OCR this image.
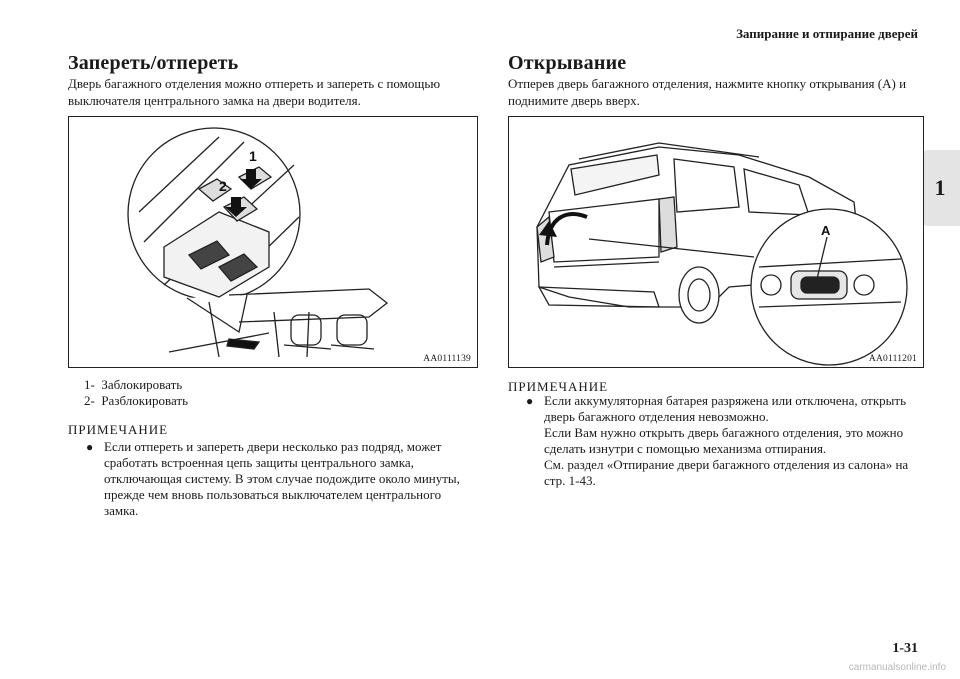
Запирание и отпирание дверей
1
Запереть/отпереть

Дверь багажного отделения можно отпереть и запереть с помощью выключателя центрального замка на двери водителя.

1
2
AA0111139
1-  Заблокировать
2-  Разблокировать
ПРИМЕЧАНИЕ
● Если отпереть и запереть двери несколько раз подряд, может сработать встроенная цепь защиты центрального замка, отключающая систему. В этом случае подождите около минуты, прежде чем вновь пользоваться выключателем центрального замка.

Открывание

Отперев дверь багажного отделения, нажмите кнопку открывания (A) и поднимите дверь вверх.

A
AA0111201
ПРИМЕЧАНИЕ
● Если аккумуляторная батарея разряжена или отключена, открыть дверь багажного отделения невозможно.

Если Вам нужно открыть дверь багажного отделения, это можно сделать изнутри с помощью механизма отпирания.

См. раздел «Отпирание двери багажного отделения из салона» на стр. 1-43.

1-31
carmanualsonline.info
